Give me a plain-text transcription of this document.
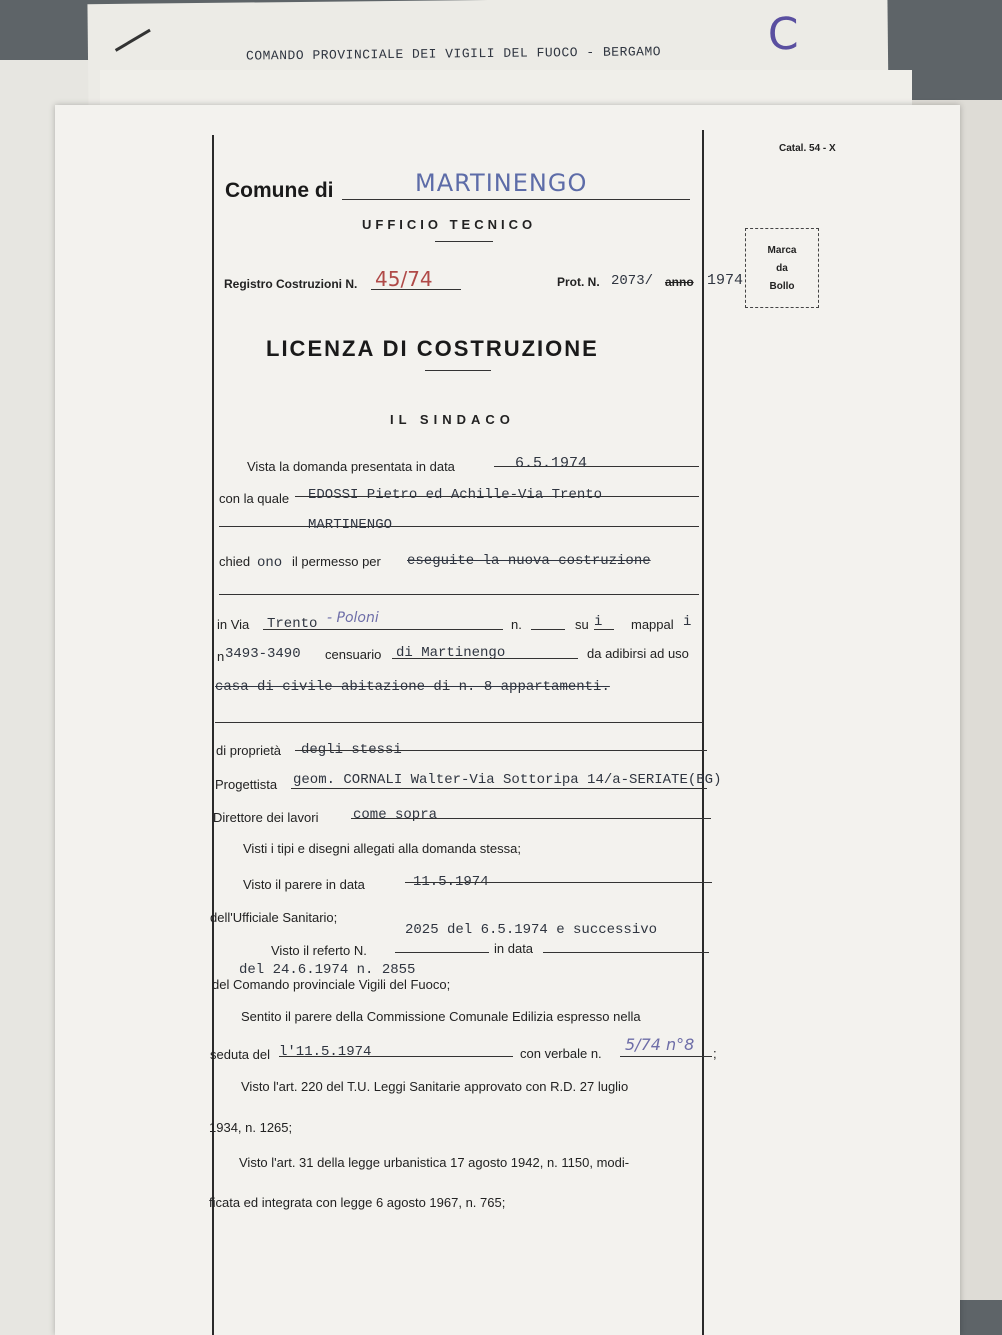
COMANDO PROVINCIALE DEI VIGILI DEL FUOCO - BERGAMO C
Catal. 54 - X
Comune di	MARTINENGO
UFFICIO TECNICO
Marca
da
Bollo
Registro Costruzioni N. 45/74	Prot. N. 2073/ anno 1974
LICENZA DI COSTRUZIONE
IL SINDACO
Vista la domanda presentata in data	6.5.1974
con la quale EDOSSI Pietro ed Achille-Via Trento
MARTINENGO
chied ono il permesso per eseguite la nuova costruzione
in Via Trento - Poloni	n.	su i mappal i
n 3493-3490 censuario di Martinengo	da adibirsi ad uso
casa di civile abitazione di n. 8 appartamenti.
di proprietà degli stessi
Progettista geom. CORNALI Walter-Via Sottoripa 14/a-SERIATE(BG)
Direttore dei lavori come sopra
Visti i tipi e disegni allegati alla domanda stessa;
Visto il parere in data	11.5.1974
dell'Ufficiale Sanitario;
2025 del 6.5.1974 e successivo
Visto il referto N.	in data
del 24.6.1974 n. 2855
del Comando provinciale Vigili del Fuoco;
Sentito il parere della Commissione Comunale Edilizia espresso nella
seduta del l'11.5.1974	con verbale n. 5/74 n°8 ;
Visto l'art. 220 del T.U. Leggi Sanitarie approvato con R.D. 27 luglio
1934, n. 1265;
Visto l'art. 31 della legge urbanistica 17 agosto 1942, n. 1150, modi-
ficata ed integrata con legge 6 agosto 1967, n. 765;
